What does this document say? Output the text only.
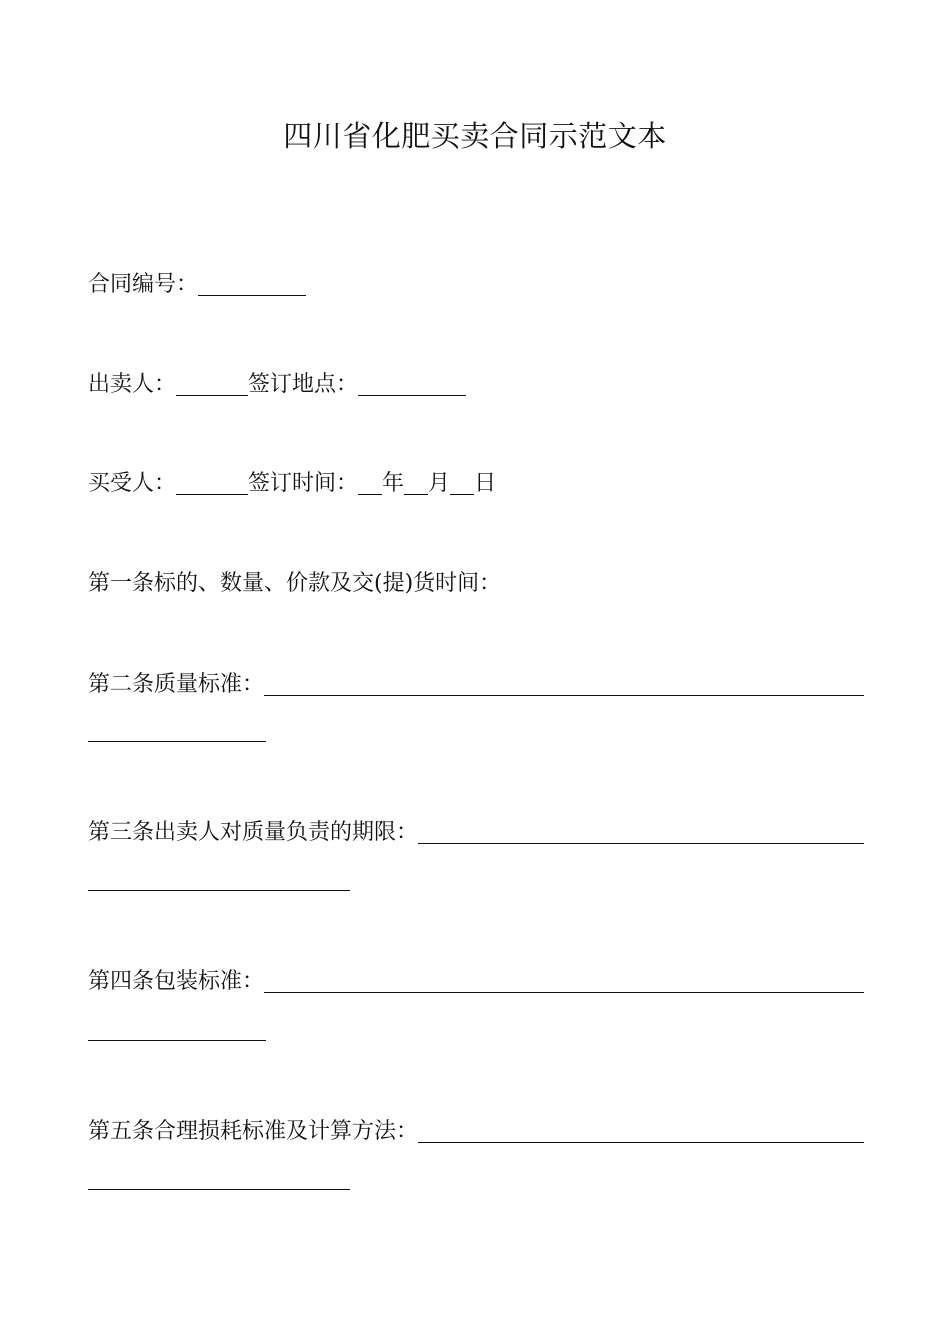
四川省化肥买卖合同示范文本
合同编号：
出卖人：	签订地点：
买受人：	签订时间： 年 月 日
第一条标的、数量、价款及交(提)货时间：
第二条质量标准：
第三条出卖人对质量负责的期限：
第四条包装标准：
第五条合理损耗标准及计算方法：
